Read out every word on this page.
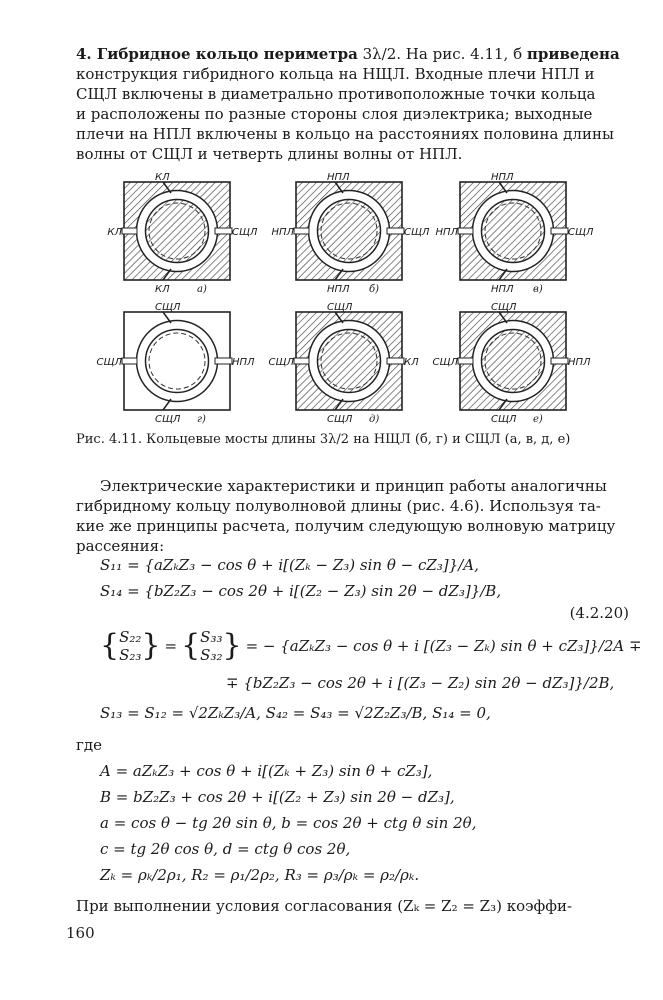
4. Гибридное кольцо периметра 3λ/2. На рис. 4.11, б приведена
конструкция гибридного кольца на НЩЛ. Входные плечи НПЛ и
СЩЛ включены в диаметрально противоположные точки кольца
и расположены по разные стороны слоя диэлектрика; выходные
плечи на НПЛ включены в кольцо на расстояниях половина длины
волны от СЩЛ и четверть длины волны от НПЛ.
КЛ
КЛ
КЛ	СЩЛ
а)
НПЛ
НПЛ
НПЛ	СЩЛ
б)
НПЛ
НПЛ
НПЛ	СЩЛ
в)
СЩЛ
СЩЛ
СЩЛ	НПЛ
г)
СЩЛ
СЩЛ
СЩЛ	КЛ
д)
СЩЛ
СЩЛ
СЩЛ	НПЛ
е)
Рис. 4.11. Кольцевые мосты длины 3λ/2 на НЩЛ (б, г) и СЩЛ (а, в, д, е)
Электрические характеристики и принцип работы аналогичны
гибридному кольцу полуволновой длины (рис. 4.6). Используя та-
кие же принципы расчета, получим следующую волновую матрицу
рассеяния:
S₁₁ = {aZₖZ₃ − cos θ + i[(Zₖ − Z₃) sin θ − cZ₃]}/A,
S₁₄ = {bZ₂Z₃ − cos 2θ + i[(Z₂ − Z₃) sin 2θ − dZ₃]}/B,
(4.2.20)
{ S₂₂
S₂₃ } = { S₃₃
S₃₂ } = − {aZₖZ₃ − cos θ + i [(Z₃ − Zₖ) sin θ + cZ₃]}/2A ∓
∓ {bZ₂Z₃ − cos 2θ + i [(Z₃ − Z₂) sin 2θ − dZ₃]}/2B,
S₁₃ = S₁₂ = √2ZₖZ₃/A, S₄₂ = S₄₃ = √2Z₂Z₃/B, S₁₄ = 0,
где
A = aZₖZ₃ + cos θ + i[(Zₖ + Z₃) sin θ + cZ₃],
B = bZ₂Z₃ + cos 2θ + i[(Z₂ + Z₃) sin 2θ − dZ₃],
a = cos θ − tg 2θ sin θ, b = cos 2θ + ctg θ sin 2θ,
c = tg 2θ cos θ, d = ctg θ cos 2θ,
Zₖ = ρₖ/2ρ₁, R₂ = ρ₁/2ρ₂, R₃ = ρ₃/ρₖ = ρ₂/ρₖ.
При выполнении условия согласования (Zₖ = Z₂ = Z₃) коэффи-
160
